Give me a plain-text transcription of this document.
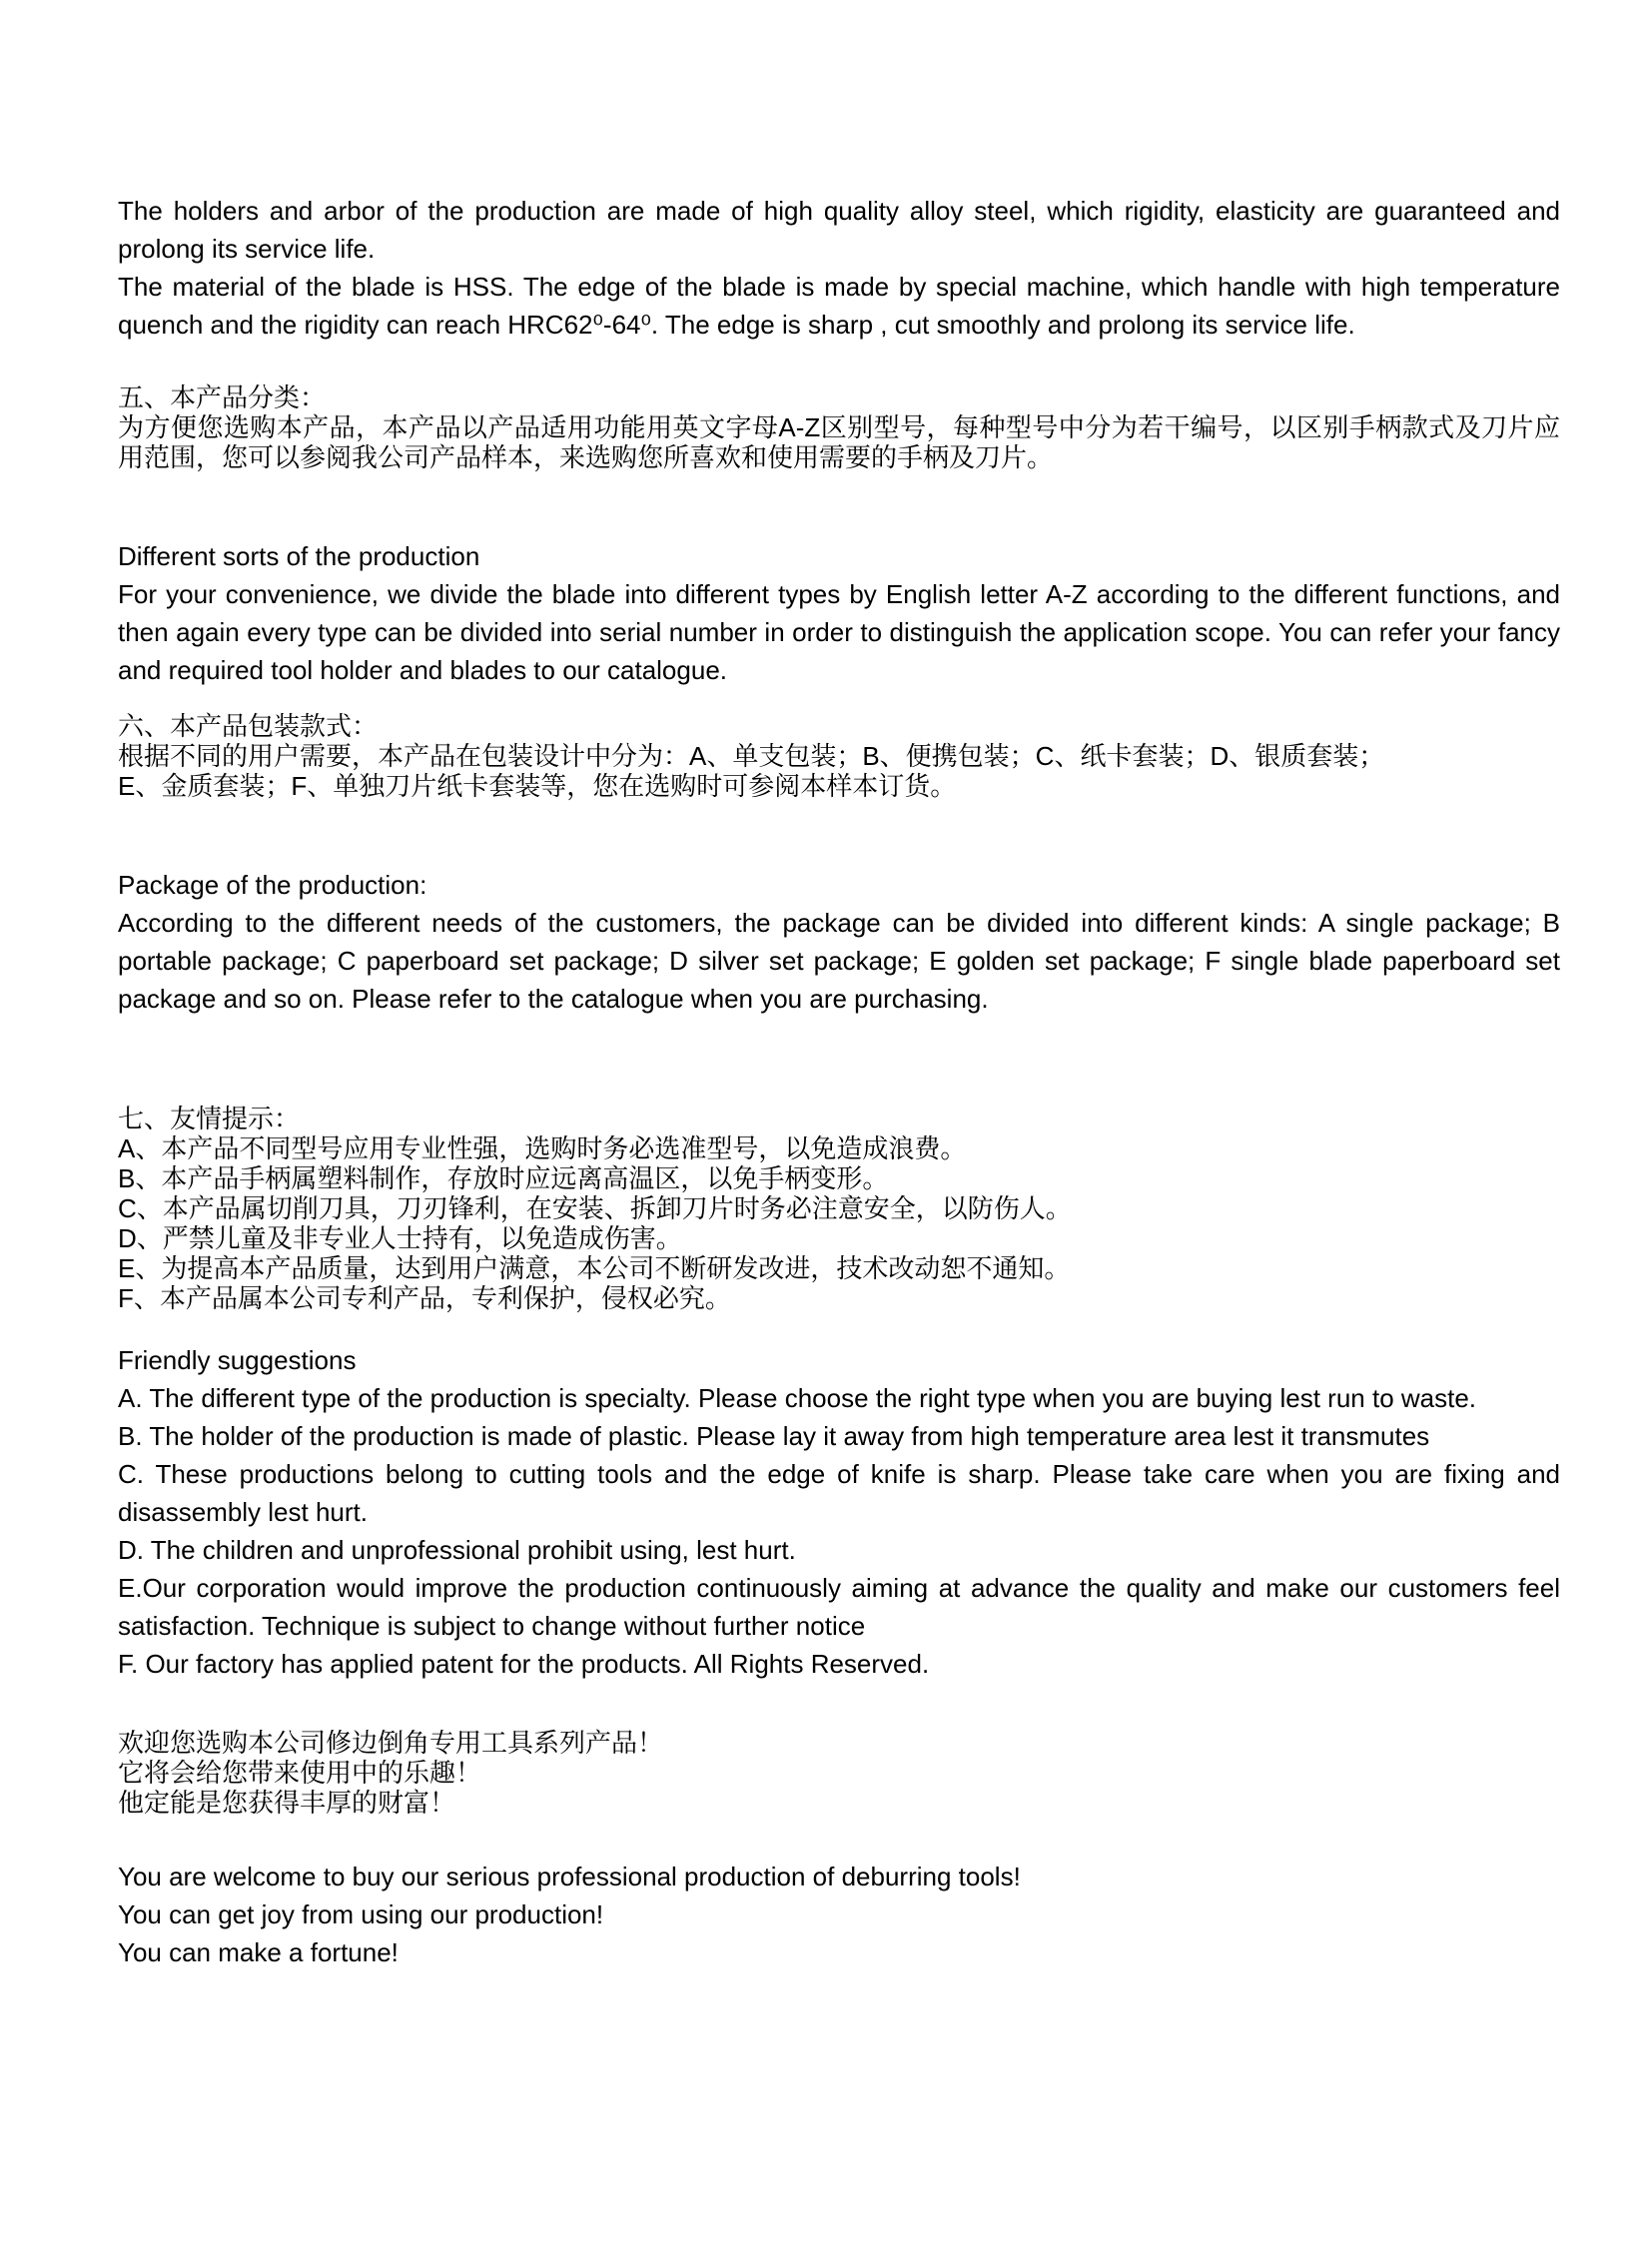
The holders and arbor of the production are made of high quality alloy steel, which rigidity, elasticity are guaranteed and prolong its service life.

The material of the blade is HSS. The edge of the blade is made by special machine, which handle with high temperature quench and the rigidity can reach HRC62⁰-64⁰. The edge is sharp , cut smoothly and prolong its service life.

五、本产品分类：

为方便您选购本产品，本产品以产品适用功能用英文字母A-Z区别型号，每种型号中分为若干编号，以区别手柄款式及刀片应用范围，您可以参阅我公司产品样本，来选购您所喜欢和使用需要的手柄及刀片。

Different sorts of the production

For your convenience, we divide the blade into different types by English letter A-Z according to the different functions, and then again every type can be divided into serial number in order to distinguish the application scope. You can refer your fancy and required tool holder and blades to our catalogue.

六、本产品包装款式：

根据不同的用户需要，本产品在包装设计中分为：A、单支包装；B、便携包装；C、纸卡套装；D、银质套装；

E、金质套装；F、单独刀片纸卡套装等，您在选购时可参阅本样本订货。

Package of the production:

According to the different needs of the customers, the package can be divided into different kinds: A single package; B portable package; C paperboard set package; D silver set package; E golden set package; F single blade paperboard set package and so on. Please refer to the catalogue when you are purchasing.

七、友情提示：

A、本产品不同型号应用专业性强，选购时务必选准型号，以免造成浪费。

B、本产品手柄属塑料制作，存放时应远离高温区，以免手柄变形。

C、本产品属切削刀具，刀刃锋利，在安装、拆卸刀片时务必注意安全，以防伤人。

D、严禁儿童及非专业人士持有，以免造成伤害。

E、为提高本产品质量，达到用户满意，本公司不断研发改进，技术改动恕不通知。

F、本产品属本公司专利产品，专利保护，侵权必究。

Friendly suggestions

A. The different type of the production is specialty. Please choose the right type when you are buying lest run to waste.

B. The holder of the production is made of plastic. Please lay it away from high temperature area lest it transmutes

C. These productions belong to cutting tools and the edge of knife is sharp. Please take care when you are fixing and disassembly lest hurt.

D. The children and unprofessional prohibit using, lest hurt.

E.Our corporation would improve the production continuously aiming at advance the quality and make our customers feel satisfaction. Technique is subject to change without further notice

F. Our factory has applied patent for the products. All Rights Reserved.

欢迎您选购本公司修边倒角专用工具系列产品！

它将会给您带来使用中的乐趣！

他定能是您获得丰厚的财富！

You are welcome to buy our serious professional production of deburring tools!

You can get joy from using our production!

You can make a fortune!
